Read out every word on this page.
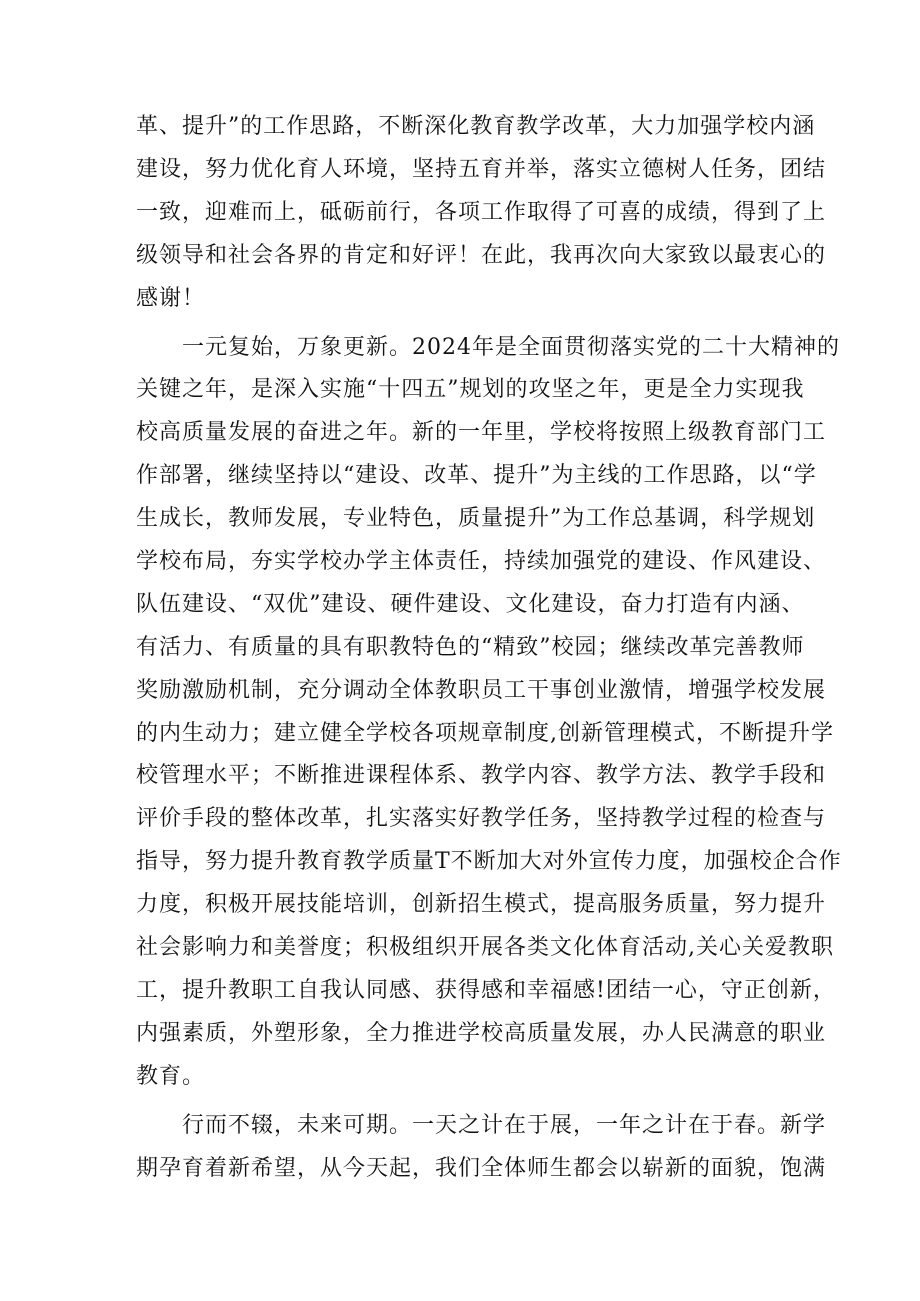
革、提升”的工作思路，不断深化教育教学改革，大力加强学校内涵
建设，努力优化育人环境，坚持五育并举，落实立德树人任务，团结
一致，迎难而上，砥砺前行，各项工作取得了可喜的成绩，得到了上
级领导和社会各界的肯定和好评！在此，我再次向大家致以最衷心的
感谢！
一元复始，万象更新。2024年是全面贯彻落实党的二十大精神的
关键之年，是深入实施“十四五”规划的攻坚之年，更是全力实现我
校高质量发展的奋进之年。新的一年里，学校将按照上级教育部门工
作部署，继续坚持以“建设、改革、提升”为主线的工作思路，以“学
生成长，教师发展，专业特色，质量提升”为工作总基调，科学规划
学校布局，夯实学校办学主体责任，持续加强党的建设、作风建设、
队伍建设、“双优”建设、硬件建设、文化建设，奋力打造有内涵、
有活力、有质量的具有职教特色的“精致”校园；继续改革完善教师
奖励激励机制，充分调动全体教职员工干事创业激情，增强学校发展
的内生动力；建立健全学校各项规章制度,创新管理模式，不断提升学
校管理水平；不断推进课程体系、教学内容、教学方法、教学手段和
评价手段的整体改革，扎实落实好教学任务，坚持教学过程的检查与
指导，努力提升教育教学质量T不断加大对外宣传力度，加强校企合作
力度，积极开展技能培训，创新招生模式，提高服务质量，努力提升
社会影响力和美誉度；积极组织开展各类文化体育活动,关心关爱教职
工，提升教职工自我认同感、获得感和幸福感!团结一心，守正创新，
内强素质，外塑形象，全力推进学校高质量发展，办人民满意的职业
教育。
行而不辍，未来可期。一天之计在于展，一年之计在于春。新学
期孕育着新希望，从今天起，我们全体师生都会以崭新的面貌，饱满
